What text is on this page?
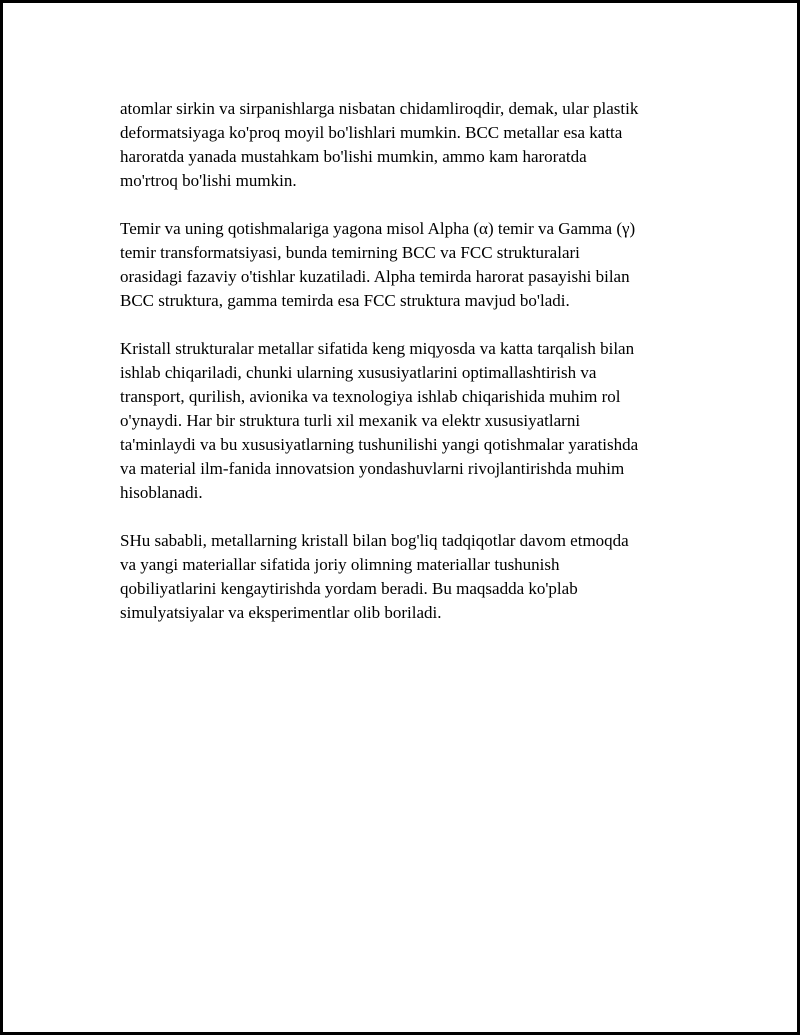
atomlar sirkin va sirpanishlarga nisbatan chidamliroqdir, demak, ular plastik
deformatsiyaga ko'proq moyil bo'lishlari mumkin. BCC metallar esa katta
haroratda yanada mustahkam bo'lishi mumkin, ammo kam haroratda
mo'rtroq bo'lishi mumkin.

Temir va uning qotishmalariga yagona misol Alpha (α) temir va Gamma (γ)
temir transformatsiyasi, bunda temirning BCC va FCC strukturalari
orasidagi fazaviy o'tishlar kuzatiladi. Alpha temirda harorat pasayishi bilan
BCC struktura, gamma temirda esa FCC struktura mavjud bo'ladi.

Kristall strukturalar metallar sifatida keng miqyosda va katta tarqalish bilan
ishlab chiqariladi, chunki ularning xususiyatlarini optimallashtirish va
transport, qurilish, avionika va texnologiya ishlab chiqarishida muhim rol
o'ynaydi. Har bir struktura turli xil mexanik va elektr xususiyatlarni
ta'minlaydi va bu xususiyatlarning tushunilishi yangi qotishmalar yaratishda
va material ilm-fanida innovatsion yondashuvlarni rivojlantirishda muhim
hisoblanadi.

SHu sababli, metallarning kristall bilan bog'liq tadqiqotlar davom etmoqda
va yangi materiallar sifatida joriy olimning materiallar tushunish
qobiliyatlarini kengaytirishda yordam beradi. Bu maqsadda ko'plab
simulyatsiyalar va eksperimentlar olib boriladi.
